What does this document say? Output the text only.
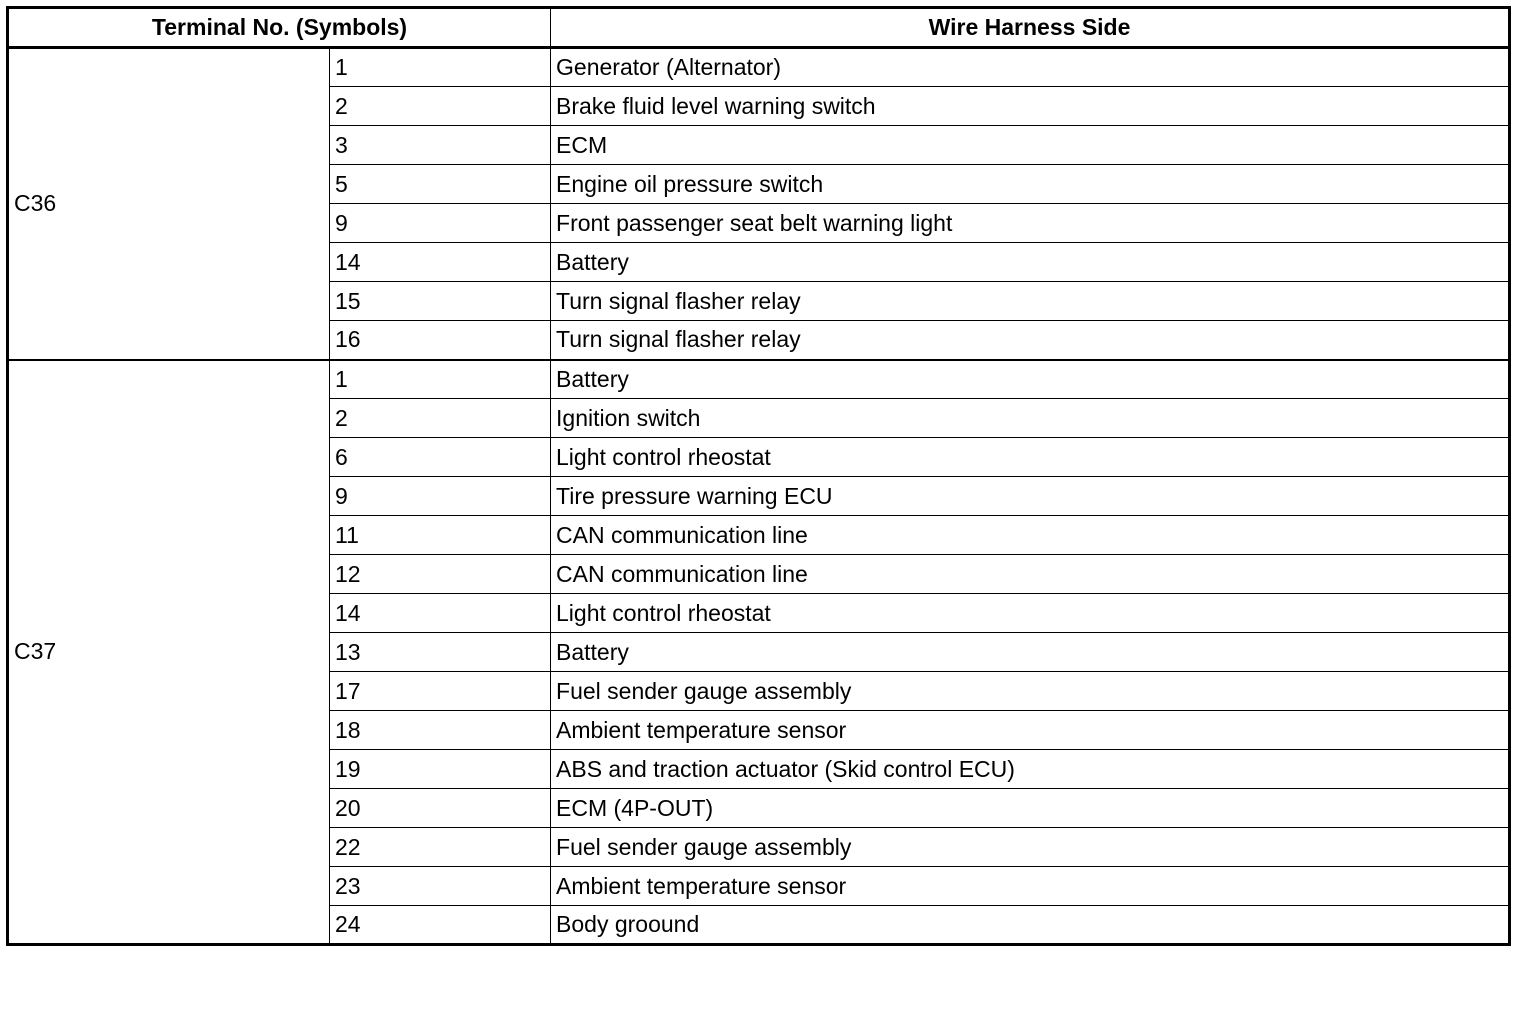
Terminal No. (Symbols)		Wire Harness Side
C36	1	Generator (Alternator)
	2	Brake fluid level warning switch
	3	ECM
	5	Engine oil pressure switch
	9	Front passenger seat belt warning light
	14	Battery
	15	Turn signal flasher relay
	16	Turn signal flasher relay
C37	1	Battery
	2	Ignition switch
	6	Light control rheostat
	9	Tire pressure warning ECU
	11	CAN communication line
	12	CAN communication line
	14	Light control rheostat
	13	Battery
	17	Fuel sender gauge assembly
	18	Ambient temperature sensor
	19	ABS and traction actuator (Skid control ECU)
	20	ECM (4P-OUT)
	22	Fuel sender gauge assembly
	23	Ambient temperature sensor
	24	Body groound
